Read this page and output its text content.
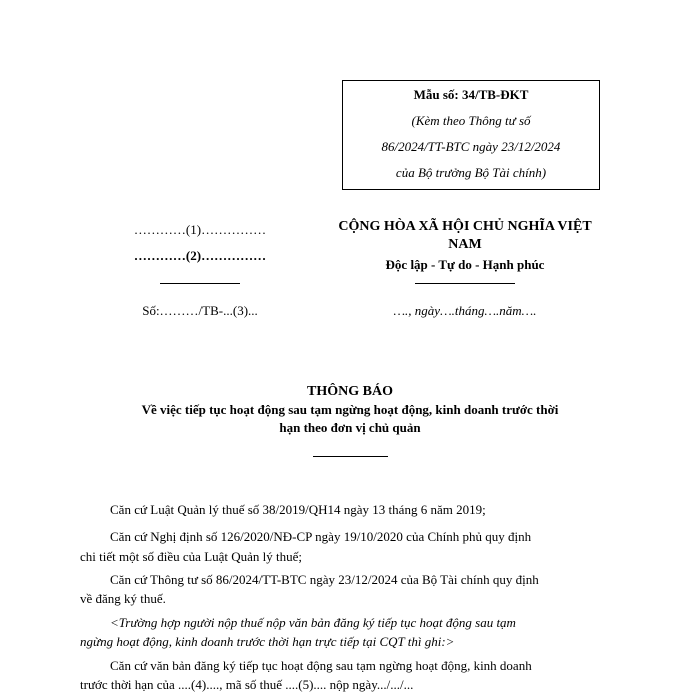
Mẫu số: 34/TB-ĐKT
(Kèm theo Thông tư số
86/2024/TT-BTC ngày 23/12/2024
của Bộ trưởng Bộ Tài chính)
…………(1)……………
…………(2)……………
Số:………/TB-...(3)...
CỘNG HÒA XÃ HỘI CHỦ NGHĨA VIỆT
NAM
Độc lập - Tự do - Hạnh phúc
…., ngày….tháng….năm….
THÔNG BÁO
Về việc tiếp tục hoạt động sau tạm ngừng hoạt động, kinh doanh trước thời
hạn theo đơn vị chủ quản
Căn cứ Luật Quản lý thuế số 38/2019/QH14 ngày 13 tháng 6 năm 2019;
Căn cứ Nghị định số 126/2020/NĐ-CP ngày 19/10/2020 của Chính phủ quy định
chi tiết một số điều của Luật Quản lý thuế;
Căn cứ Thông tư số 86/2024/TT-BTC ngày 23/12/2024 của Bộ Tài chính quy định
về đăng ký thuế.
<Trường hợp người nộp thuế nộp văn bản đăng ký tiếp tục hoạt động sau tạm
ngừng hoạt động, kinh doanh trước thời hạn trực tiếp tại CQT thì ghi:>
Căn cứ văn bản đăng ký tiếp tục hoạt động sau tạm ngừng hoạt động, kinh doanh
trước thời hạn của ....(4)...., mã số thuế ....(5).... nộp ngày.../.../...
